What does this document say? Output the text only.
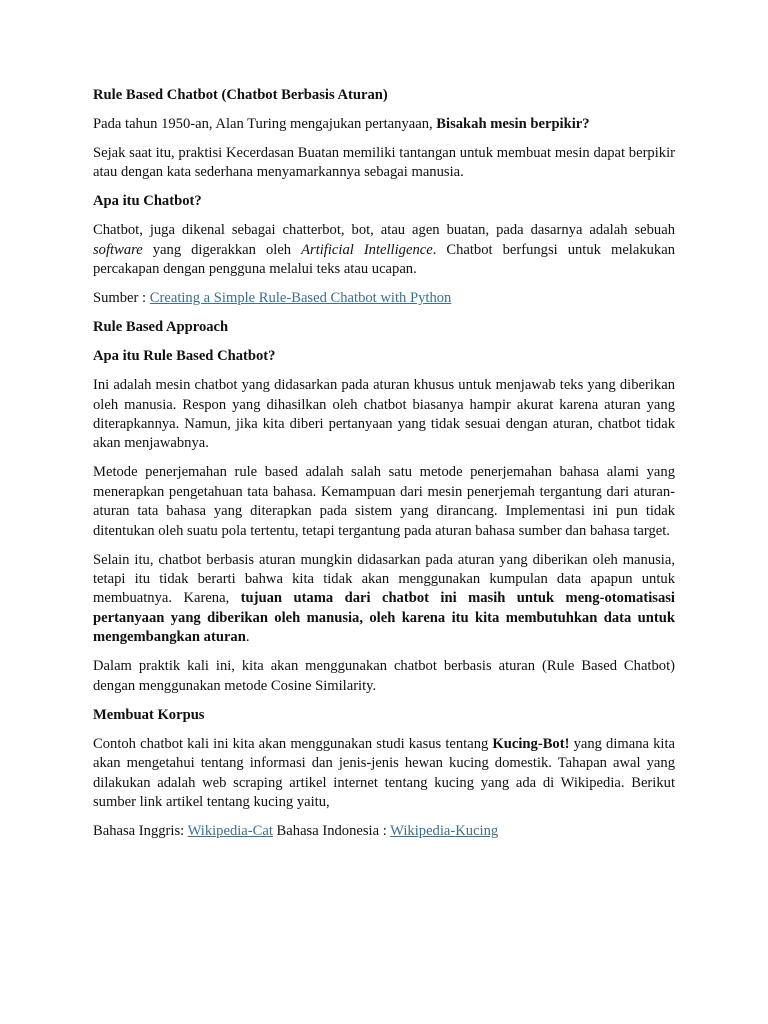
Rule Based Chatbot (Chatbot Berbasis Aturan)

Pada tahun 1950-an, Alan Turing mengajukan pertanyaan, Bisakah mesin berpikir?

Sejak saat itu, praktisi Kecerdasan Buatan memiliki tantangan untuk membuat mesin dapat berpikir atau dengan kata sederhana menyamarkannya sebagai manusia.

Apa itu Chatbot?

Chatbot, juga dikenal sebagai chatterbot, bot, atau agen buatan, pada dasarnya adalah sebuah software yang digerakkan oleh Artificial Intelligence. Chatbot berfungsi untuk melakukan percakapan dengan pengguna melalui teks atau ucapan.

Sumber : Creating a Simple Rule-Based Chatbot with Python

Rule Based Approach
Apa itu Rule Based Chatbot?

Ini adalah mesin chatbot yang didasarkan pada aturan khusus untuk menjawab teks yang diberikan oleh manusia. Respon yang dihasilkan oleh chatbot biasanya hampir akurat karena aturan yang diterapkannya. Namun, jika kita diberi pertanyaan yang tidak sesuai dengan aturan, chatbot tidak akan menjawabnya.

Metode penerjemahan rule based adalah salah satu metode penerjemahan bahasa alami yang menerapkan pengetahuan tata bahasa. Kemampuan dari mesin penerjemah tergantung dari aturan-aturan tata bahasa yang diterapkan pada sistem yang dirancang. Implementasi ini pun tidak ditentukan oleh suatu pola tertentu, tetapi tergantung pada aturan bahasa sumber dan bahasa target.

Selain itu, chatbot berbasis aturan mungkin didasarkan pada aturan yang diberikan oleh manusia, tetapi itu tidak berarti bahwa kita tidak akan menggunakan kumpulan data apapun untuk membuatnya. Karena, tujuan utama dari chatbot ini masih untuk meng-otomatisasi pertanyaan yang diberikan oleh manusia, oleh karena itu kita membutuhkan data untuk mengembangkan aturan.

Dalam praktik kali ini, kita akan menggunakan chatbot berbasis aturan (Rule Based Chatbot) dengan menggunakan metode Cosine Similarity.

Membuat Korpus

Contoh chatbot kali ini kita akan menggunakan studi kasus tentang Kucing-Bot! yang dimana kita akan mengetahui tentang informasi dan jenis-jenis hewan kucing domestik. Tahapan awal yang dilakukan adalah web scraping artikel internet tentang kucing yang ada di Wikipedia. Berikut sumber link artikel tentang kucing yaitu,

Bahasa Inggris: Wikipedia-Cat Bahasa Indonesia : Wikipedia-Kucing
